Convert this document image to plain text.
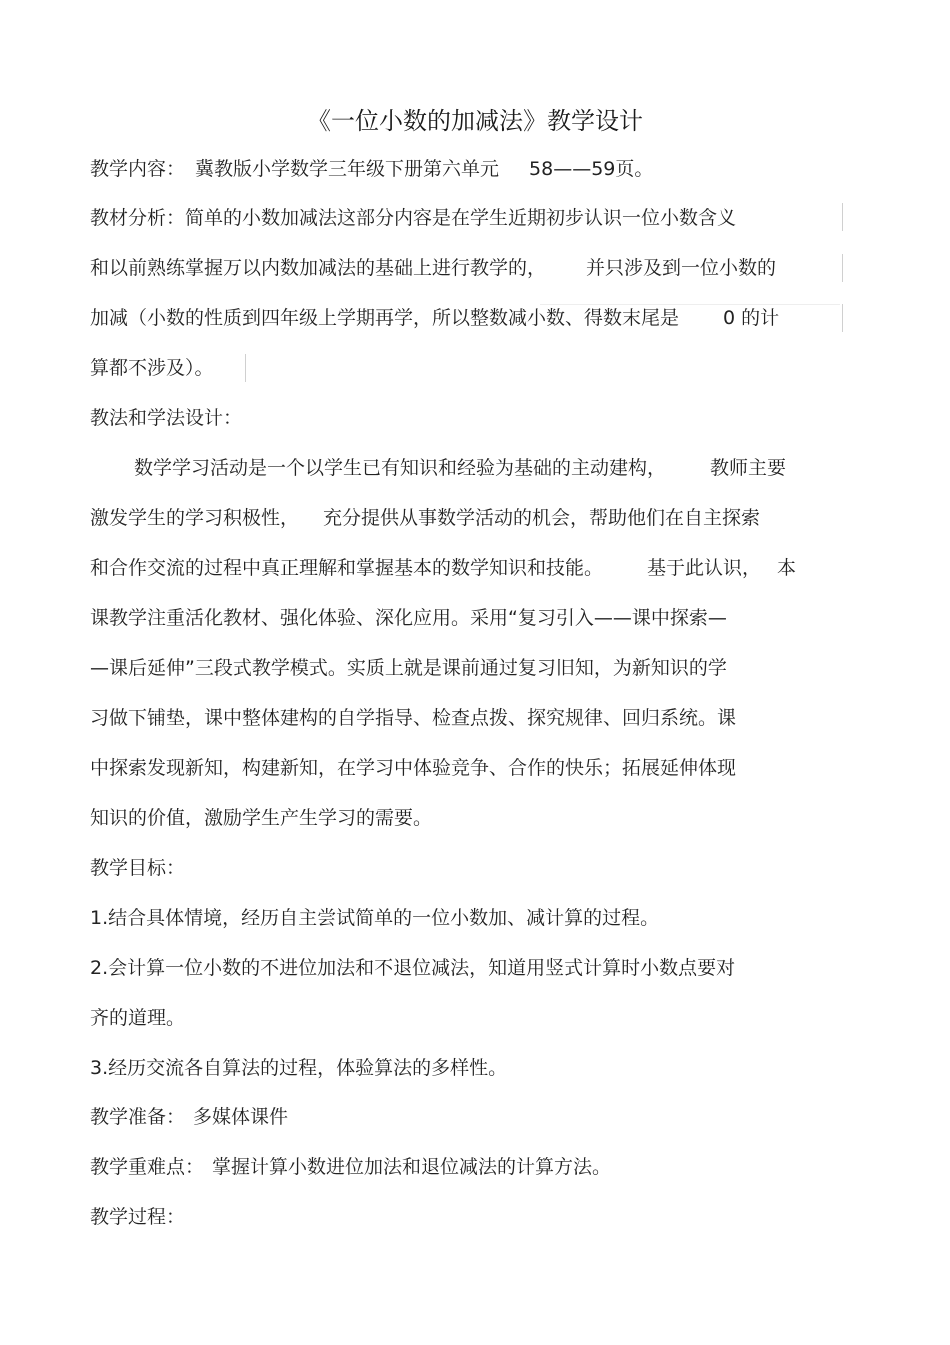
《一位小数的加减法》教学设计
教学内容： 冀教版小学数学三年级下册第六单元 58——59页。
教材分析：简单的小数加减法这部分内容是在学生近期初步认识一位小数含义
和以前熟练掌握万以内数加减法的基础上进行教学的， 并只涉及到一位小数的
加减（小数的性质到四年级上学期再学，所以整数减小数、得数末尾是 0 的计
算都不涉及）。
教法和学法设计：
数学学习活动是一个以学生已有知识和经验为基础的主动建构， 教师主要
激发学生的学习积极性， 充分提供从事数学活动的机会，帮助他们在自主探索
和合作交流的过程中真正理解和掌握基本的数学知识和技能。 基于此认识， 本
课教学注重活化教材、强化体验、深化应用。采用“复习引入——课中探索—
—课后延伸”三段式教学模式。实质上就是课前通过复习旧知，为新知识的学
习做下铺垫，课中整体建构的自学指导、检查点拨、探究规律、回归系统。课
中探索发现新知，构建新知，在学习中体验竞争、合作的快乐；拓展延伸体现
知识的价值，激励学生产生学习的需要。
教学目标：
1.结合具体情境，经历自主尝试简单的一位小数加、减计算的过程。
2.会计算一位小数的不进位加法和不退位减法，知道用竖式计算时小数点要对
齐的道理。
3.经历交流各自算法的过程，体验算法的多样性。
教学准备： 多媒体课件
教学重难点： 掌握计算小数进位加法和退位减法的计算方法。
教学过程：
